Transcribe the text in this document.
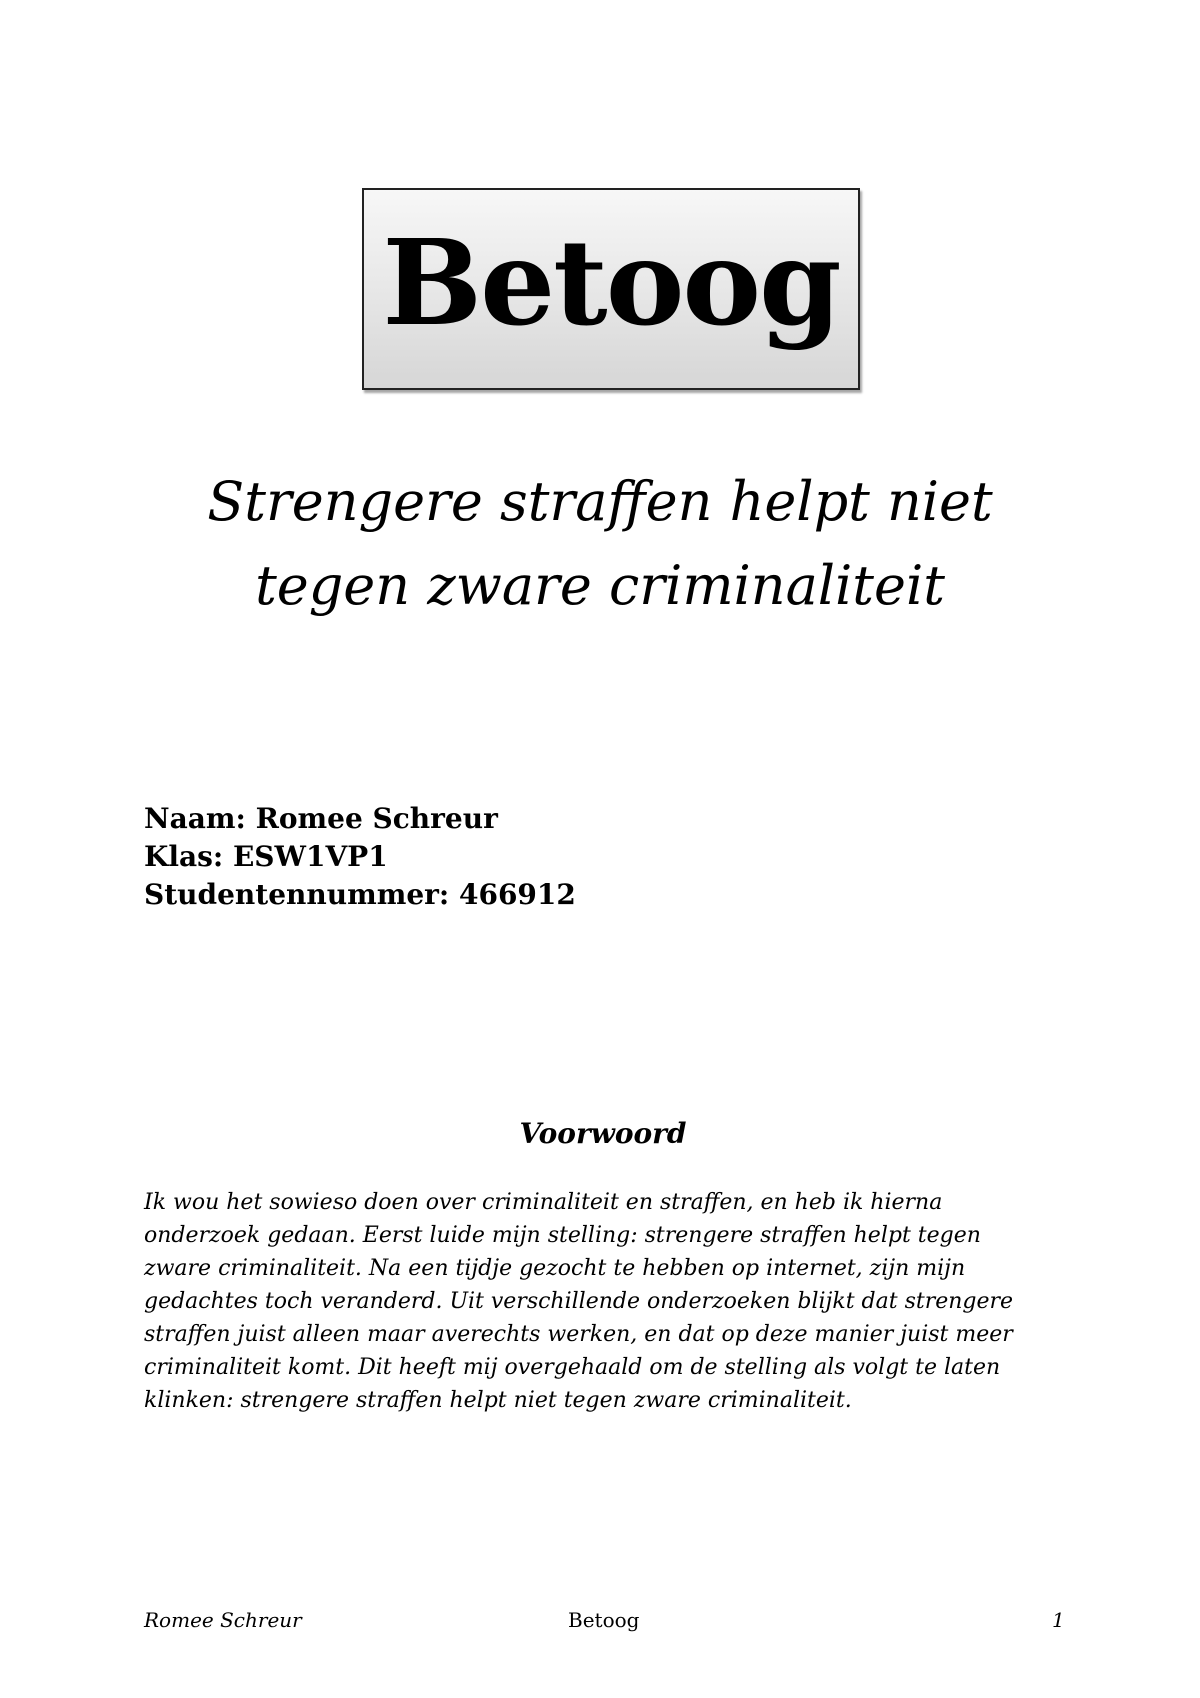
Betoog
Strengere straffen helpt niet
tegen zware criminaliteit
Naam: Romee Schreur
Klas: ESW1VP1
Studentennummer: 466912
Voorwoord
Ik wou het sowieso doen over criminaliteit en straffen, en heb ik hierna
onderzoek gedaan. Eerst luide mijn stelling: strengere straffen helpt tegen
zware criminaliteit. Na een tijdje gezocht te hebben op internet, zijn mijn
gedachtes toch veranderd. Uit verschillende onderzoeken blijkt dat strengere
straffen juist alleen maar averechts werken, en dat op deze manier juist meer
criminaliteit komt. Dit heeft mij overgehaald om de stelling als volgt te laten
klinken: strengere straffen helpt niet tegen zware criminaliteit.
Romee Schreur	Betoog	1
